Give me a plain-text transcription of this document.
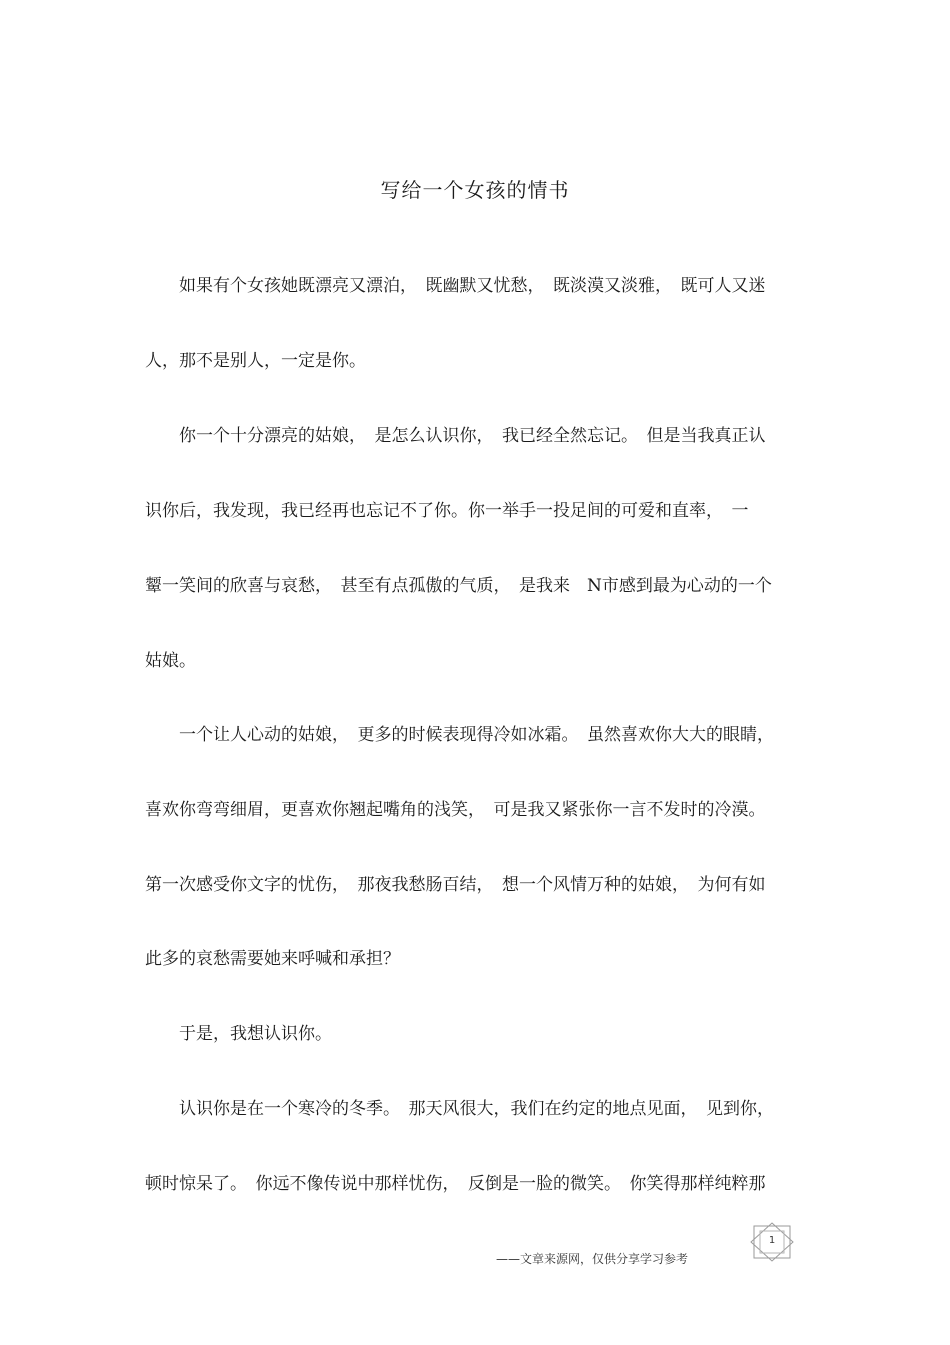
写给一个女孩的情书
　　如果有个女孩她既漂亮又漂泊，　既幽默又忧愁，　既淡漠又淡雅，　既可人又迷
人，那不是别人，一定是你。
　　你一个十分漂亮的姑娘，　是怎么认识你，　我已经全然忘记。　但是当我真正认
识你后，我发现，我已经再也忘记不了你。你一举手一投足间的可爱和直率，　一
颦一笑间的欣喜与哀愁，　甚至有点孤傲的气质，　是我来　N市感到最为心动的一个
姑娘。
　　一个让人心动的姑娘，　更多的时候表现得冷如冰霜。　虽然喜欢你大大的眼睛，
喜欢你弯弯细眉，更喜欢你翘起嘴角的浅笑，　可是我又紧张你一言不发时的冷漠。
第一次感受你文字的忧伤，　那夜我愁肠百结，　想一个风情万种的姑娘，　为何有如
此多的哀愁需要她来呼喊和承担？
　　于是，我想认识你。
　　认识你是在一个寒冷的冬季。　那天风很大，我们在约定的地点见面，　见到你，
顿时惊呆了。　你远不像传说中那样忧伤，　反倒是一脸的微笑。　你笑得那样纯粹那
——文章来源网，仅供分享学习参考
1
